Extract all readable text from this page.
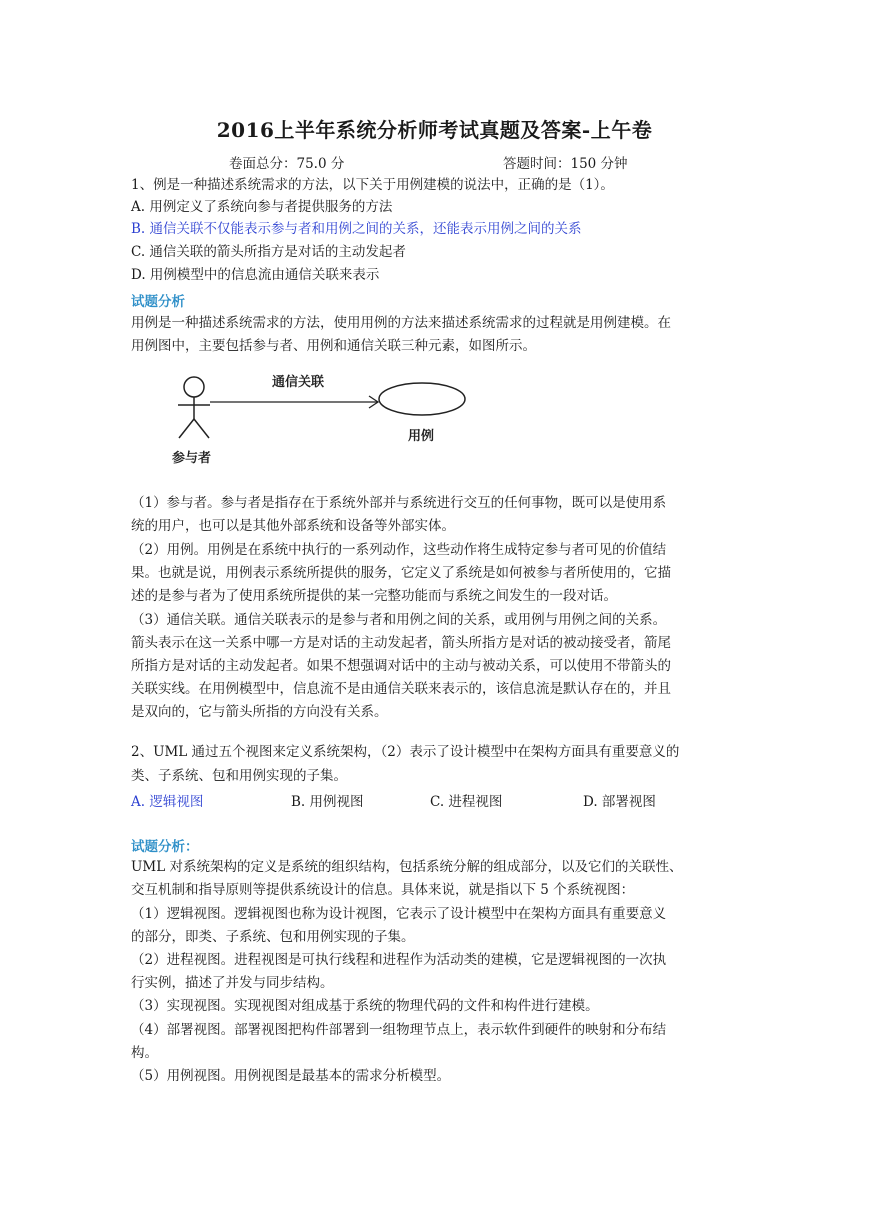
2016上半年系统分析师考试真题及答案-上午卷
卷面总分：75.0 分	答题时间：150 分钟
1、例是一种描述系统需求的方法，以下关于用例建模的说法中，正确的是（1）。
A. 用例定义了系统向参与者提供服务的方法
B. 通信关联不仅能表示参与者和用例之间的关系，还能表示用例之间的关系
C. 通信关联的箭头所指方是对话的主动发起者
D. 用例模型中的信息流由通信关联来表示
试题分析
用例是一种描述系统需求的方法，使用用例的方法来描述系统需求的过程就是用例建模。在
用例图中，主要包括参与者、用例和通信关联三种元素，如图所示。
通信关联
用例
参与者
（1）参与者。参与者是指存在于系统外部并与系统进行交互的任何事物，既可以是使用系
统的用户，也可以是其他外部系统和设备等外部实体。
（2）用例。用例是在系统中执行的一系列动作，这些动作将生成特定参与者可见的价值结
果。也就是说，用例表示系统所提供的服务，它定义了系统是如何被参与者所使用的，它描
述的是参与者为了使用系统所提供的某一完整功能而与系统之间发生的一段对话。
（3）通信关联。通信关联表示的是参与者和用例之间的关系，或用例与用例之间的关系。
箭头表示在这一关系中哪一方是对话的主动发起者，箭头所指方是对话的被动接受者，箭尾
所指方是对话的主动发起者。如果不想强调对话中的主动与被动关系，可以使用不带箭头的
关联实线。在用例模型中，信息流不是由通信关联来表示的，该信息流是默认存在的，并且
是双向的，它与箭头所指的方向没有关系。
2、UML 通过五个视图来定义系统架构，（2）表示了设计模型中在架构方面具有重要意义的
类、子系统、包和用例实现的子集。
A. 逻辑视图	B. 用例视图	C. 进程视图	D. 部署视图
试题分析：
UML 对系统架构的定义是系统的组织结构，包括系统分解的组成部分，以及它们的关联性、
交互机制和指导原则等提供系统设计的信息。具体来说，就是指以下 5 个系统视图：
（1）逻辑视图。逻辑视图也称为设计视图，它表示了设计模型中在架构方面具有重要意义
的部分，即类、子系统、包和用例实现的子集。
（2）进程视图。进程视图是可执行线程和进程作为活动类的建模，它是逻辑视图的一次执
行实例，描述了并发与同步结构。
（3）实现视图。实现视图对组成基于系统的物理代码的文件和构件进行建模。
（4）部署视图。部署视图把构件部署到一组物理节点上，表示软件到硬件的映射和分布结
构。
（5）用例视图。用例视图是最基本的需求分析模型。
